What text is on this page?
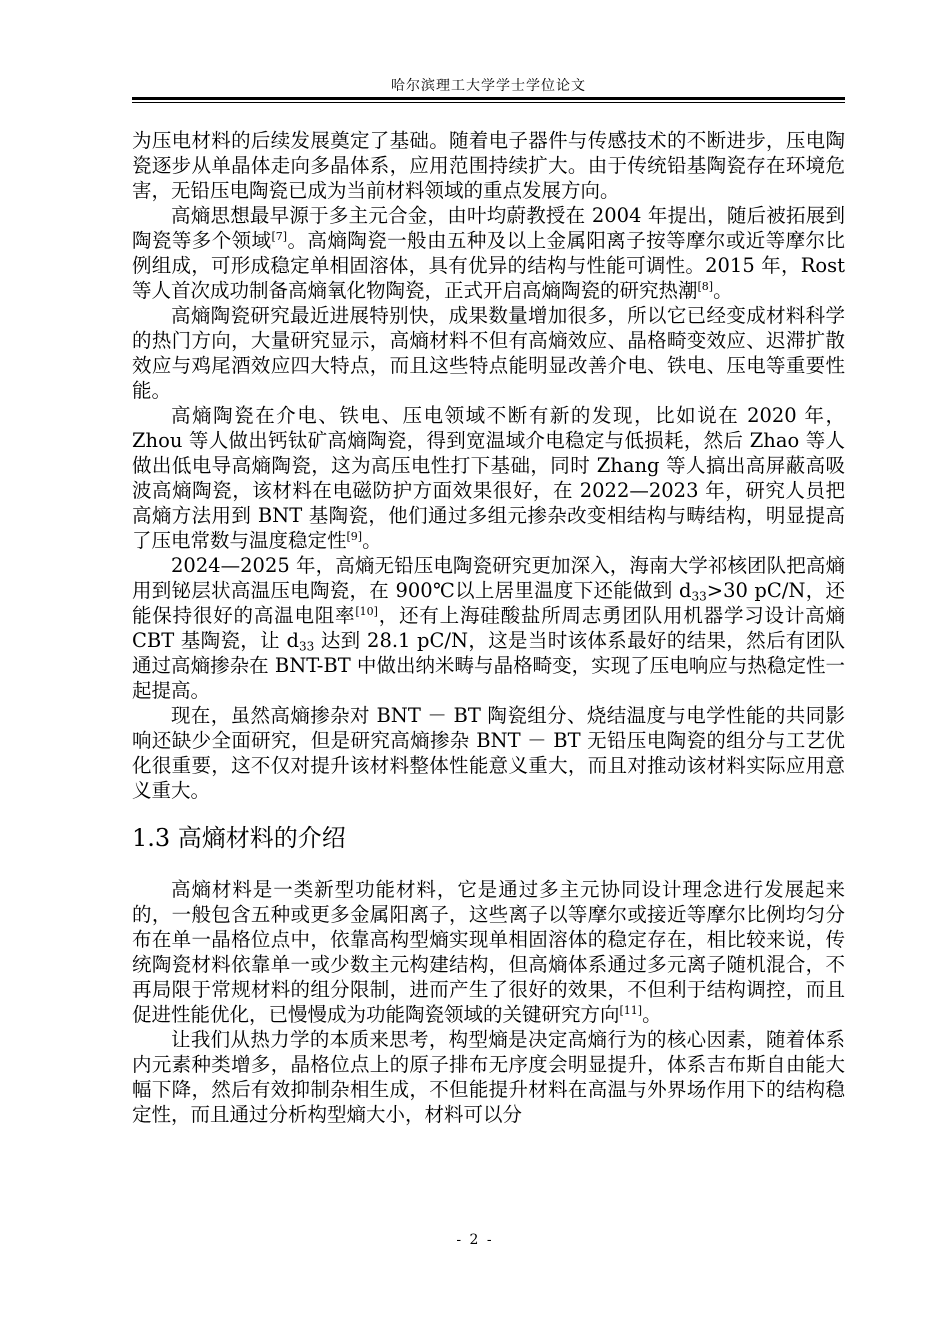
哈尔滨理工大学学士学位论文

为压电材料的后续发展奠定了基础。随着电子器件与传感技术的不断进步，压电陶瓷逐步从单晶体走向多晶体系，应用范围持续扩大。由于传统铅基陶瓷存在环境危害，无铅压电陶瓷已成为当前材料领域的重点发展方向。

高熵思想最早源于多主元合金，由叶均蔚教授在 2004 年提出，随后被拓展到陶瓷等多个领域[7]。高熵陶瓷一般由五种及以上金属阳离子按等摩尔或近等摩尔比例组成，可形成稳定单相固溶体，具有优异的结构与性能可调性。2015 年，Rost 等人首次成功制备高熵氧化物陶瓷，正式开启高熵陶瓷的研究热潮[8]。

高熵陶瓷研究最近进展特别快，成果数量增加很多，所以它已经变成材料科学的热门方向，大量研究显示，高熵材料不但有高熵效应、晶格畸变效应、迟滞扩散效应与鸡尾酒效应四大特点，而且这些特点能明显改善介电、铁电、压电等重要性能。

高熵陶瓷在介电、铁电、压电领域不断有新的发现，比如说在 2020 年，Zhou 等人做出钙钛矿高熵陶瓷，得到宽温域介电稳定与低损耗，然后 Zhao 等人做出低电导高熵陶瓷，这为高压电性打下基础，同时 Zhang 等人搞出高屏蔽高吸波高熵陶瓷，该材料在电磁防护方面效果很好，在 2022—2023 年，研究人员把高熵方法用到 BNT 基陶瓷，他们通过多组元掺杂改变相结构与畴结构，明显提高了压电常数与温度稳定性[9]。

2024—2025 年，高熵无铅压电陶瓷研究更加深入，海南大学祁核团队把高熵用到铋层状高温压电陶瓷，在 900℃以上居里温度下还能做到 $d_{33}>30$ pC/N，还能保持很好的高温电阻率[10]，还有上海硅酸盐所周志勇团队用机器学习设计高熵 CBT 基陶瓷，让 $d_{33}$ 达到 28.1 pC/N，这是当时该体系最好的结果，然后有团队通过高熵掺杂在 BNT-BT 中做出纳米畴与晶格畸变，实现了压电响应与热稳定性一起提高。

现在，虽然高熵掺杂对 BNT － BT 陶瓷组分、烧结温度与电学性能的共同影响还缺少全面研究，但是研究高熵掺杂 BNT － BT 无铅压电陶瓷的组分与工艺优化很重要，这不仅对提升该材料整体性能意义重大，而且对推动该材料实际应用意义重大。

1.3 高熵材料的介绍

高熵材料是一类新型功能材料，它是通过多主元协同设计理念进行发展起来的，一般包含五种或更多金属阳离子，这些离子以等摩尔或接近等摩尔比例均匀分布在单一晶格位点中，依靠高构型熵实现单相固溶体的稳定存在，相比较来说，传统陶瓷材料依靠单一或少数主元构建结构，但高熵体系通过多元离子随机混合，不再局限于常规材料的组分限制，进而产生了很好的效果，不但利于结构调控，而且促进性能优化，已慢慢成为功能陶瓷领域的关键研究方向[11]。

让我们从热力学的本质来思考，构型熵是决定高熵行为的核心因素，随着体系内元素种类增多，晶格位点上的原子排布无序度会明显提升，体系吉布斯自由能大幅下降，然后有效抑制杂相生成，不但能提升材料在高温与外界场作用下的结构稳定性，而且通过分析构型熵大小，材料可以分

- 2 -
